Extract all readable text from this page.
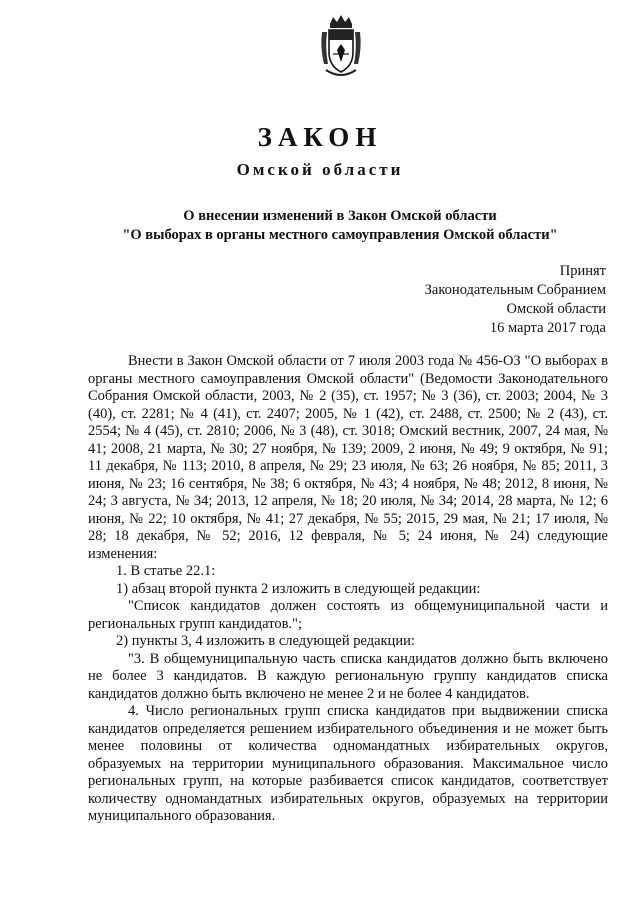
ЗАКОН
Омской области
О внесении изменений в Закон Омской области
"О выборах в органы местного самоуправления Омской области"
Принят
Законодательным Собранием
Омской области
16 марта 2017 года

Внести в Закон Омской области от 7 июля 2003 года № 456-ОЗ "О выборах в органы местного самоуправления Омской области" (Ведомости Законодательного Собрания Омской области, 2003, № 2 (35), ст. 1957; № 3 (36), ст. 2003; 2004, № 3 (40), ст. 2281; № 4 (41), ст. 2407; 2005, № 1 (42), ст. 2488, ст. 2500; № 2 (43), ст. 2554; № 4 (45), ст. 2810; 2006, № 3 (48), ст. 3018; Омский вестник, 2007, 24 мая, № 41; 2008, 21 марта, № 30; 27 ноября, № 139; 2009, 2 июня, № 49; 9 октября, № 91; 11 декабря, № 113; 2010, 8 апреля, № 29; 23 июля, № 63; 26 ноября, № 85; 2011, 3 июня, № 23; 16 сентября, № 38; 6 октября, № 43; 4 ноября, № 48; 2012, 8 июня, № 24; 3 августа, № 34; 2013, 12 апреля, № 18; 20 июля, № 34; 2014, 28 марта, № 12; 6 июня, № 22; 10 октября, № 41; 27 декабря, № 55; 2015, 29 мая, № 21; 17 июля, № 28; 18 декабря, № 52; 2016, 12 февраля, № 5; 24 июня, № 24) следующие изменения:

1. В статье 22.1:

1) абзац второй пункта 2 изложить в следующей редакции:

"Список кандидатов должен состоять из общемуниципальной части и региональных групп кандидатов.";

2) пункты 3, 4 изложить в следующей редакции:

"3. В общемуниципальную часть списка кандидатов должно быть включено не более 3 кандидатов. В каждую региональную группу кандидатов списка кандидатов должно быть включено не менее 2 и не более 4 кандидатов.

4. Число региональных групп списка кандидатов при выдвижении списка кандидатов определяется решением избирательного объединения и не может быть менее половины от количества одномандатных избирательных округов, образуемых на территории муниципального образования. Максимальное число региональных групп, на которые разбивается список кандидатов, соответствует количеству одномандатных избирательных округов, образуемых на территории муниципального образования.
